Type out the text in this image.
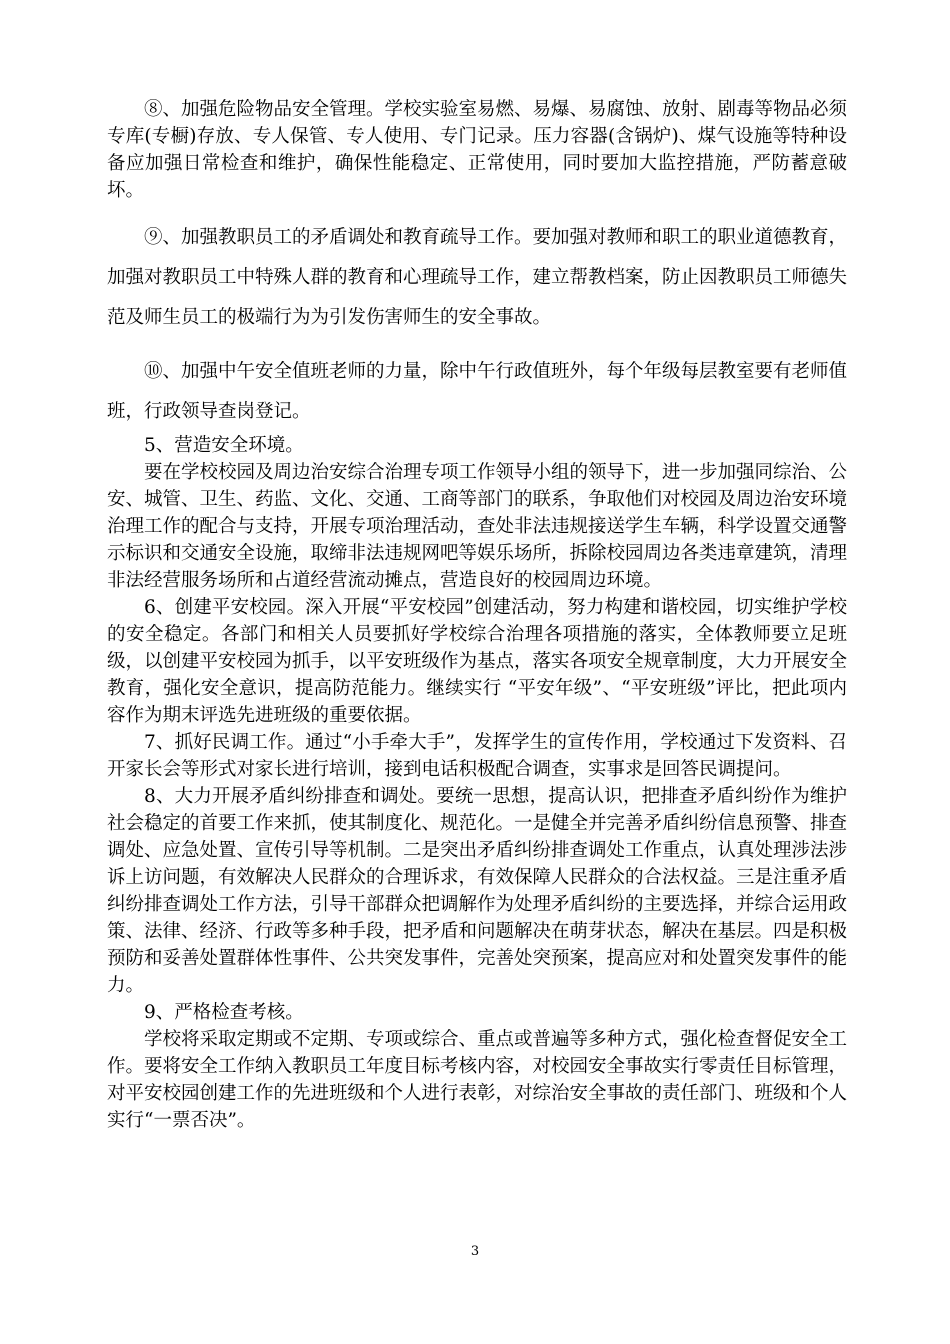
⑧、加强危险物品安全管理。学校实验室易燃、易爆、易腐蚀、放射、剧毒等物品必须专库(专橱)存放、专人保管、专人使用、专门记录。压力容器(含锅炉)、煤气设施等特种设备应加强日常检查和维护，确保性能稳定、正常使用，同时要加大监控措施，严防蓄意破坏。

⑨、加强教职员工的矛盾调处和教育疏导工作。要加强对教师和职工的职业道德教育，加强对教职员工中特殊人群的教育和心理疏导工作，建立帮教档案，防止因教职员工师德失范及师生员工的极端行为为引发伤害师生的安全事故。

⑩、加强中午安全值班老师的力量，除中午行政值班外，每个年级每层教室要有老师值班，行政领导查岗登记。

5、营造安全环境。

要在学校校园及周边治安综合治理专项工作领导小组的领导下，进一步加强同综治、公安、城管、卫生、药监、文化、交通、工商等部门的联系，争取他们对校园及周边治安环境治理工作的配合与支持，开展专项治理活动，查处非法违规接送学生车辆，科学设置交通警示标识和交通安全设施，取缔非法违规网吧等娱乐场所，拆除校园周边各类违章建筑，清理非法经营服务场所和占道经营流动摊点，营造良好的校园周边环境。

6、创建平安校园。深入开展“平安校园”创建活动，努力构建和谐校园，切实维护学校的安全稳定。各部门和相关人员要抓好学校综合治理各项措施的落实，全体教师要立足班级，以创建平安校园为抓手，以平安班级作为基点，落实各项安全规章制度，大力开展安全教育，强化安全意识，提高防范能力。继续实行 “平安年级”、“平安班级”评比，把此项内容作为期末评选先进班级的重要依据。

7、抓好民调工作。通过“小手牵大手”，发挥学生的宣传作用，学校通过下发资料、召开家长会等形式对家长进行培训，接到电话积极配合调查，实事求是回答民调提问。

8、大力开展矛盾纠纷排查和调处。要统一思想，提高认识，把排查矛盾纠纷作为维护社会稳定的首要工作来抓，使其制度化、规范化。一是健全并完善矛盾纠纷信息预警、排查调处、应急处置、宣传引导等机制。二是突出矛盾纠纷排查调处工作重点，认真处理涉法涉诉上访问题，有效解决人民群众的合理诉求，有效保障人民群众的合法权益。三是注重矛盾纠纷排查调处工作方法，引导干部群众把调解作为处理矛盾纠纷的主要选择，并综合运用政策、法律、经济、行政等多种手段，把矛盾和问题解决在萌芽状态，解决在基层。四是积极预防和妥善处置群体性事件、公共突发事件，完善处突预案，提高应对和处置突发事件的能力。

9、严格检查考核。

学校将采取定期或不定期、专项或综合、重点或普遍等多种方式，强化检查督促安全工作。要将安全工作纳入教职员工年度目标考核内容，对校园安全事故实行零责任目标管理，对平安校园创建工作的先进班级和个人进行表彰，对综治安全事故的责任部门、班级和个人实行“一票否决”。

3
